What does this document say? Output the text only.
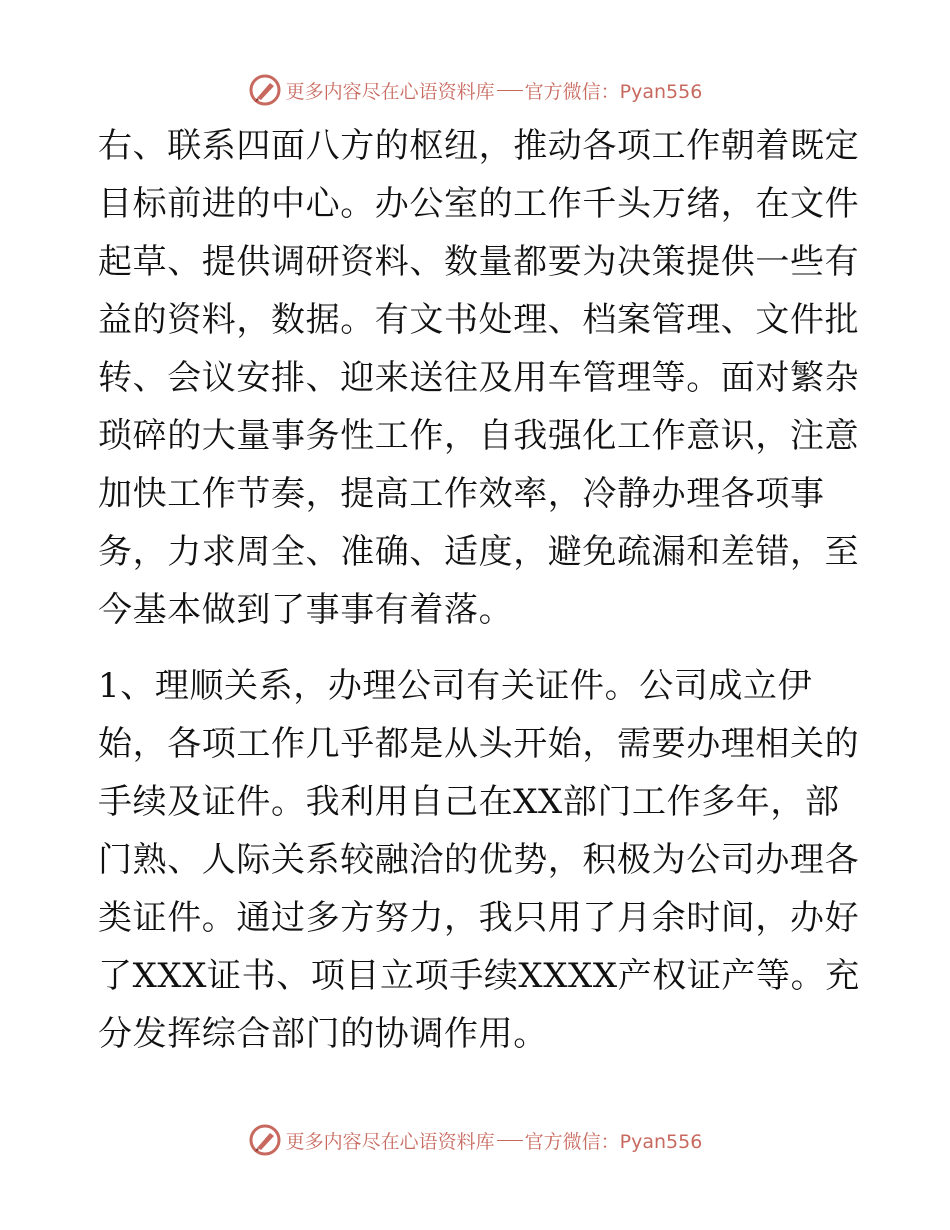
更多内容尽在心语资料库 官方微信：Pyan556
右、联系四面八方的枢纽，推动各项工作朝着既定
目标前进的中心。办公室的工作千头万绪，在文件
起草、提供调研资料、数量都要为决策提供一些有
益的资料，数据。有文书处理、档案管理、文件批
转、会议安排、迎来送往及用车管理等。面对繁杂
琐碎的大量事务性工作，自我强化工作意识，注意
加快工作节奏，提高工作效率，冷静办理各项事
务，力求周全、准确、适度，避免疏漏和差错，至
今基本做到了事事有着落。
1、理顺关系，办理公司有关证件。公司成立伊
始，各项工作几乎都是从头开始，需要办理相关的
手续及证件。我利用自己在XX部门工作多年，部
门熟、人际关系较融洽的优势，积极为公司办理各
类证件。通过多方努力，我只用了月余时间，办好
了XXX证书、项目立项手续XXXX产权证产等。充
分发挥综合部门的协调作用。
更多内容尽在心语资料库 官方微信：Pyan556
